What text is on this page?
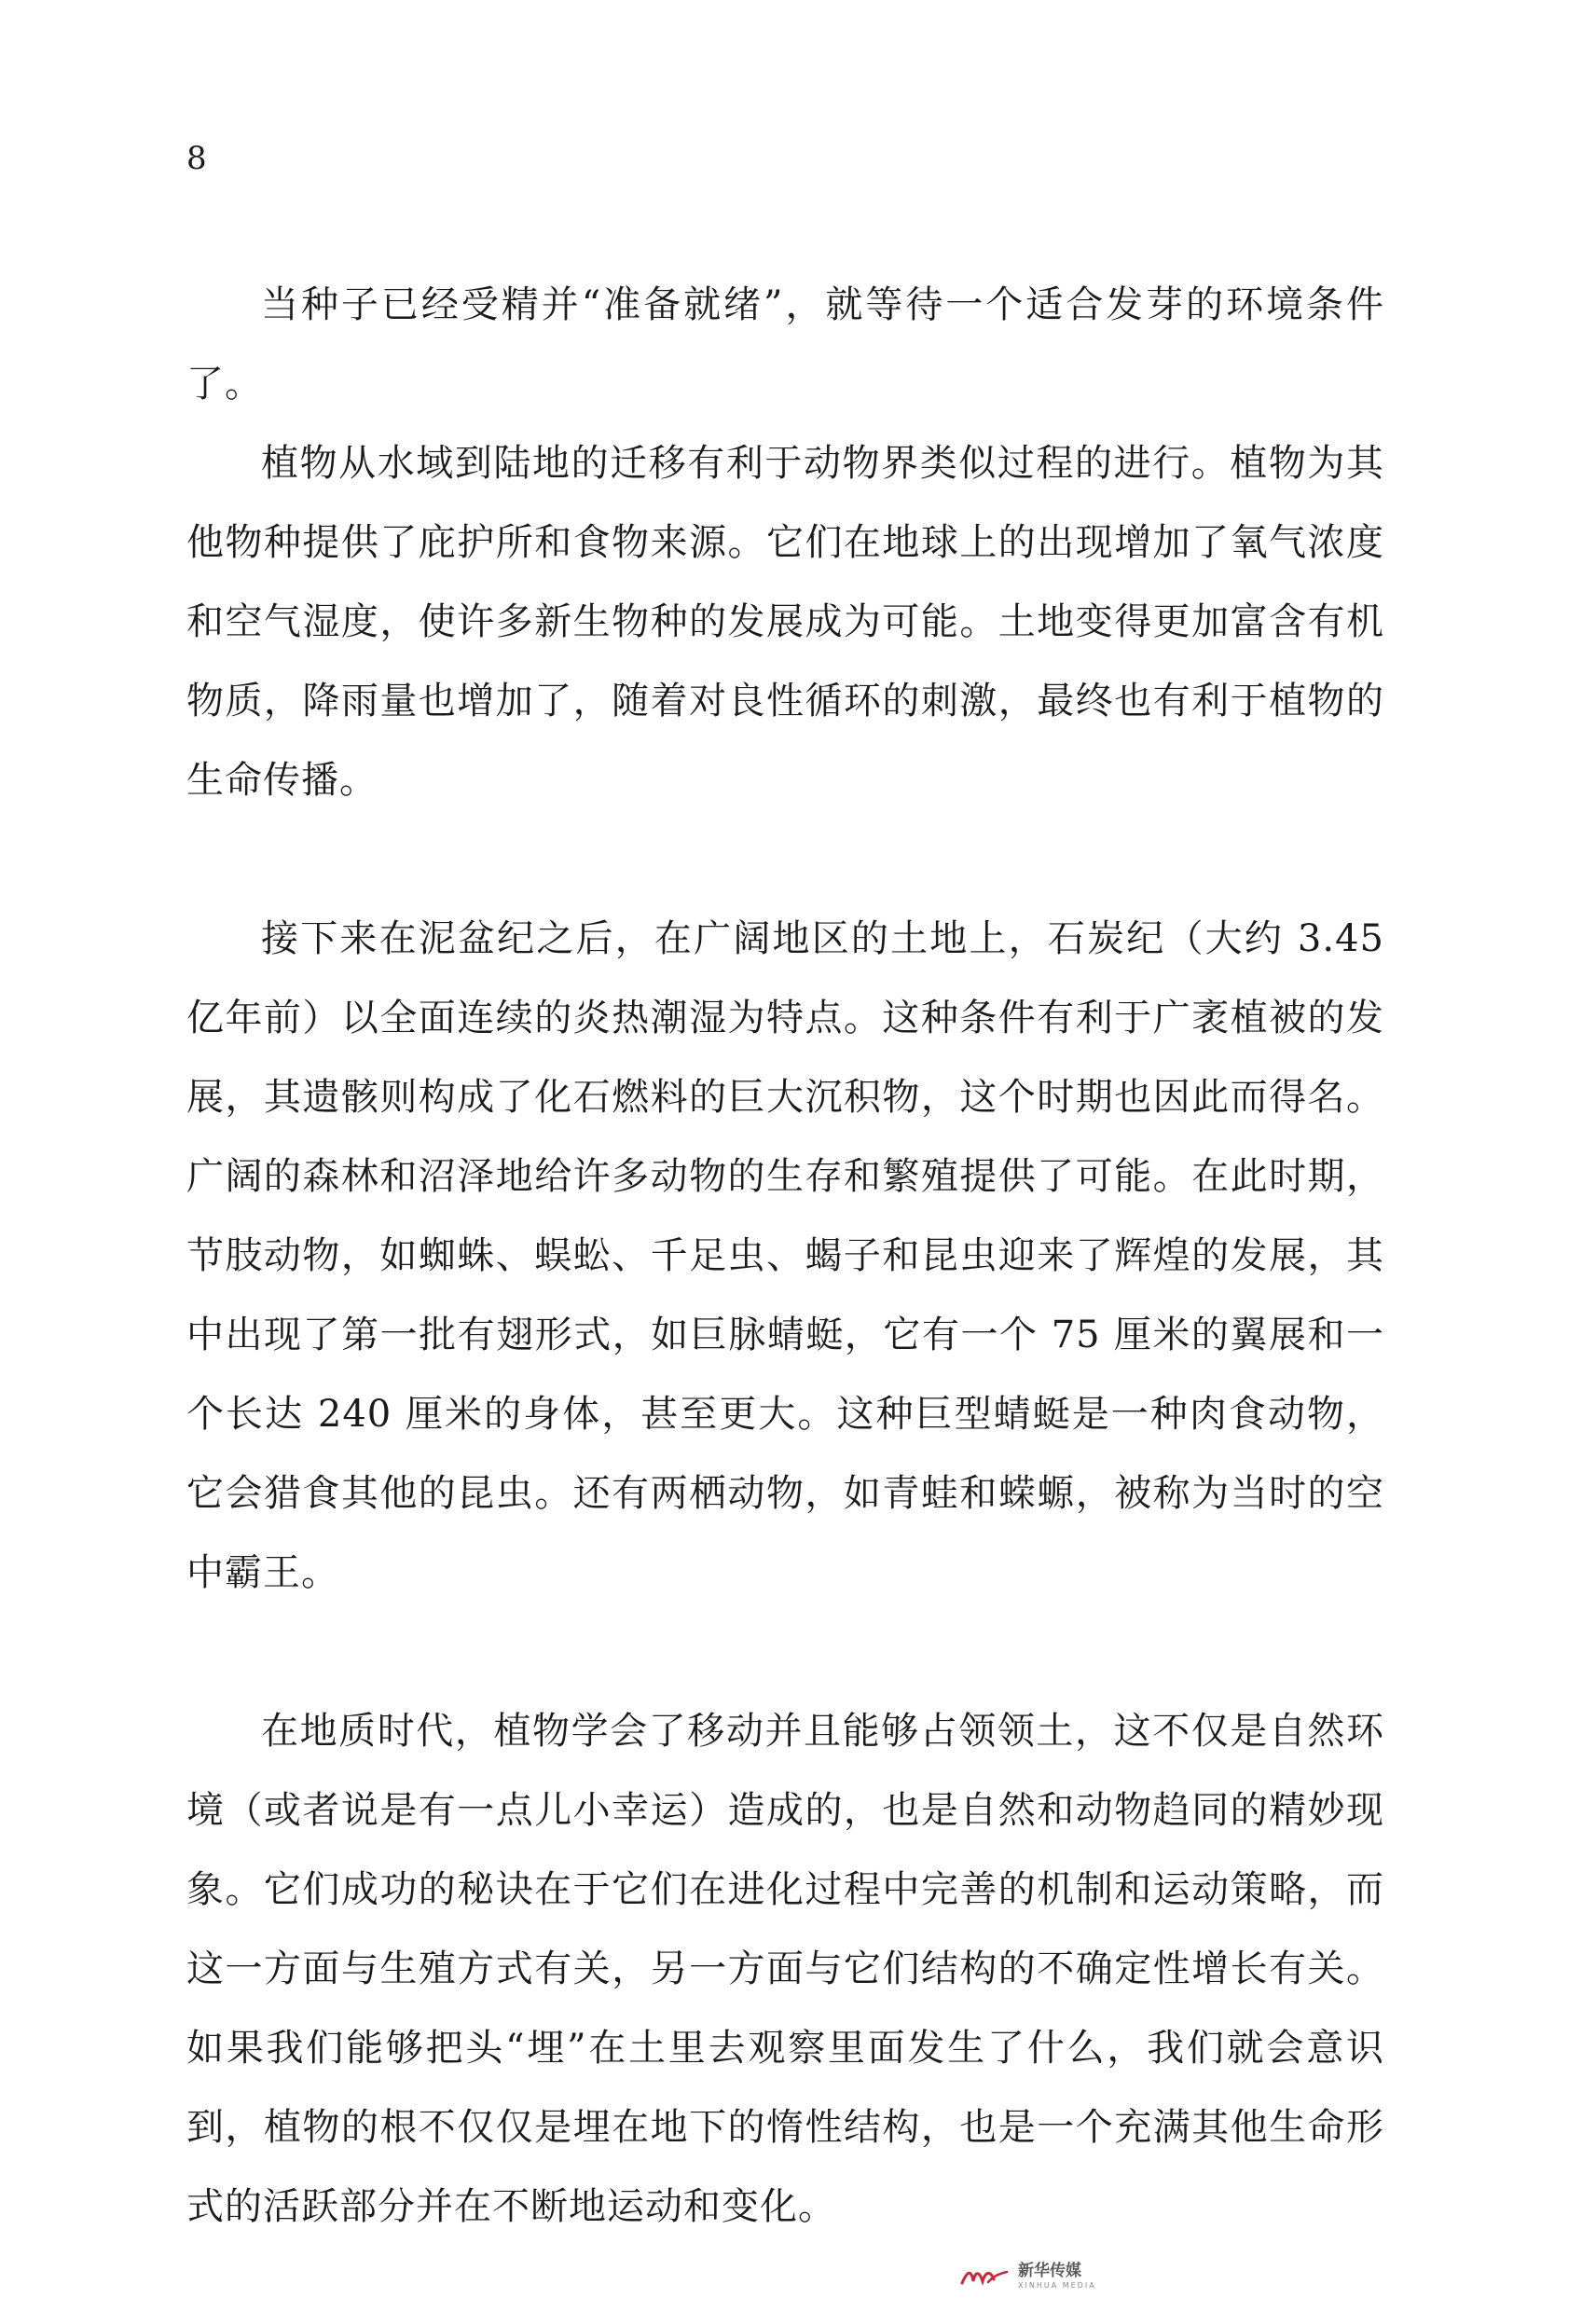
8

当种子已经受精并“准备就绪”，就等待一个适合发芽的环境条件了。

植物从水域到陆地的迁移有利于动物界类似过程的进行。植物为其他物种提供了庇护所和食物来源。它们在地球上的出现增加了氧气浓度和空气湿度，使许多新生物种的发展成为可能。土地变得更加富含有机物质，降雨量也增加了，随着对良性循环的刺激，最终也有利于植物的生命传播。

接下来在泥盆纪之后，在广阔地区的土地上，石炭纪（大约 3.45 亿年前）以全面连续的炎热潮湿为特点。这种条件有利于广袤植被的发展，其遗骸则构成了化石燃料的巨大沉积物，这个时期也因此而得名。广阔的森林和沼泽地给许多动物的生存和繁殖提供了可能。在此时期，节肢动物，如蜘蛛、蜈蚣、千足虫、蝎子和昆虫迎来了辉煌的发展，其中出现了第一批有翅形式，如巨脉蜻蜓，它有一个 75 厘米的翼展和一个长达 240 厘米的身体，甚至更大。这种巨型蜻蜓是一种肉食动物，它会猎食其他的昆虫。还有两栖动物，如青蛙和蝾螈，被称为当时的空中霸王。

在地质时代，植物学会了移动并且能够占领领土，这不仅是自然环境（或者说是有一点儿小幸运）造成的，也是自然和动物趋同的精妙现象。它们成功的秘诀在于它们在进化过程中完善的机制和运动策略，而这一方面与生殖方式有关，另一方面与它们结构的不确定性增长有关。如果我们能够把头“埋”在土里去观察里面发生了什么，我们就会意识到，植物的根不仅仅是埋在地下的惰性结构，也是一个充满其他生命形式的活跃部分并在不断地运动和变化。

新华传媒
XINHUA MEDIA
